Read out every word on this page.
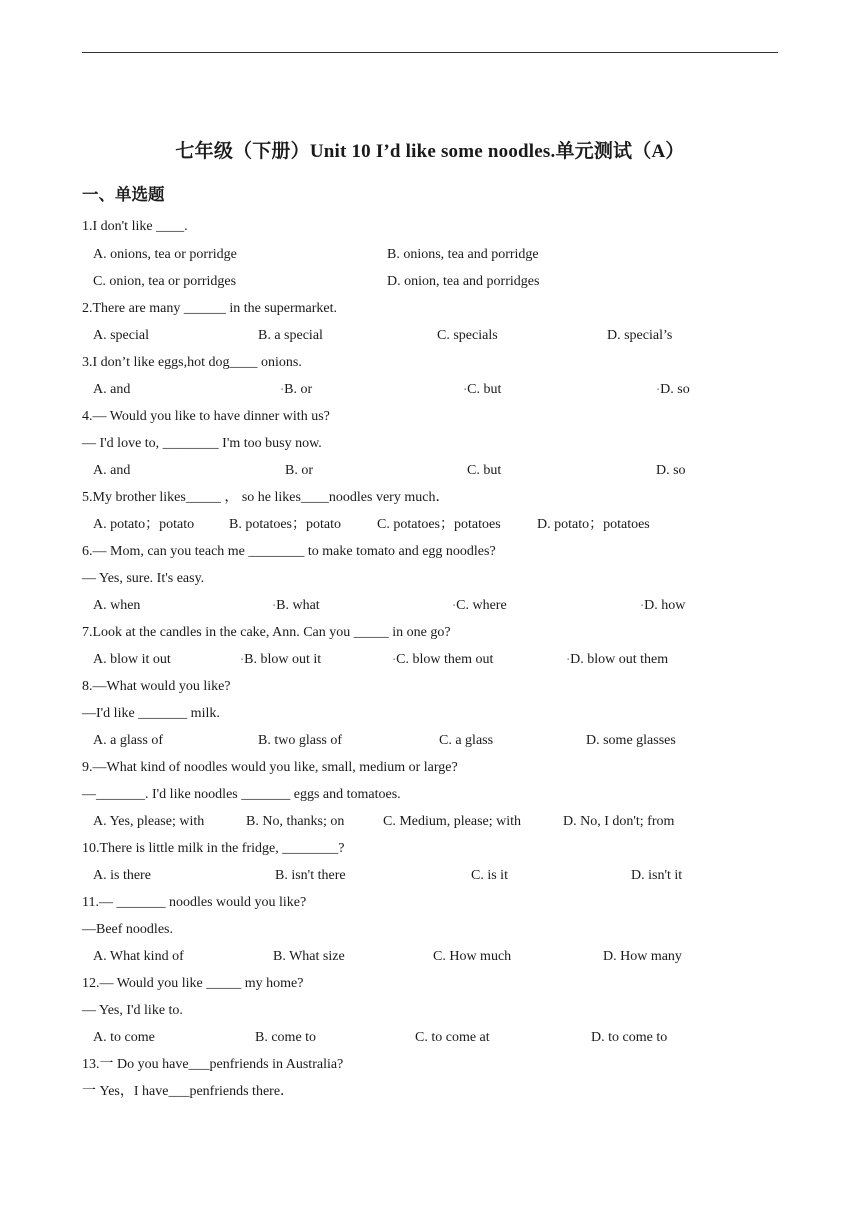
七年级（下册）Unit 10 I’d like some noodles.单元测试（A）
一、单选题
1.I don't like ____.
A. onions, tea or porridge	B. onions, tea and porridge
C. onion, tea or porridges	D. onion, tea and porridges
2.There are many ______ in the supermarket.
A. special	B. a special	C. specials	D. special’s
3.I don’t like eggs,hot dog____ onions.
A. and	▪B. or	▪C. but	▪D. so
4.— Would you like to have dinner with us?
— I'd love to, ________ I'm too busy now.
A. and	B. or	C. but	D. so
5.My brother likes_____ ， so he likes____noodles very much．
A. potato；potato B. potatoes；potato	C. potatoes；potatoes	D. potato；potatoes
6.— Mom, can you teach me ________ to make tomato and egg noodles?
— Yes, sure. It's easy.
A. when	▪B. what	▪C. where	▪D. how
7.Look at the candles in the cake, Ann. Can you _____ in one go?
A. blow it out	▪B. blow out it	▪C. blow them out	▪D. blow out them
8.—What would you like?
—I'd like _______ milk.
A. a glass of	B. two glass of	C. a glass	D. some glasses
9.—What kind of noodles would you like, small, medium or large?
—_______. I'd like noodles _______ eggs and tomatoes.
A. Yes, please; with	B. No, thanks; on	C. Medium, please; with	D. No, I don't; from
10.There is little milk in the fridge, ________?
A. is there	B. isn't there	C. is it	D. isn't it
11.— _______ noodles would you like?
—Beef noodles.
A. What kind of	B. What size	C. How much	D. How many
12.— Would you like _____ my home?
— Yes, I'd like to.
A. to come	B. come to	C. to come at	D. to come to
13.一 Do you have___penfriends in Australia?
一 Yes，I have___penfriends there．
